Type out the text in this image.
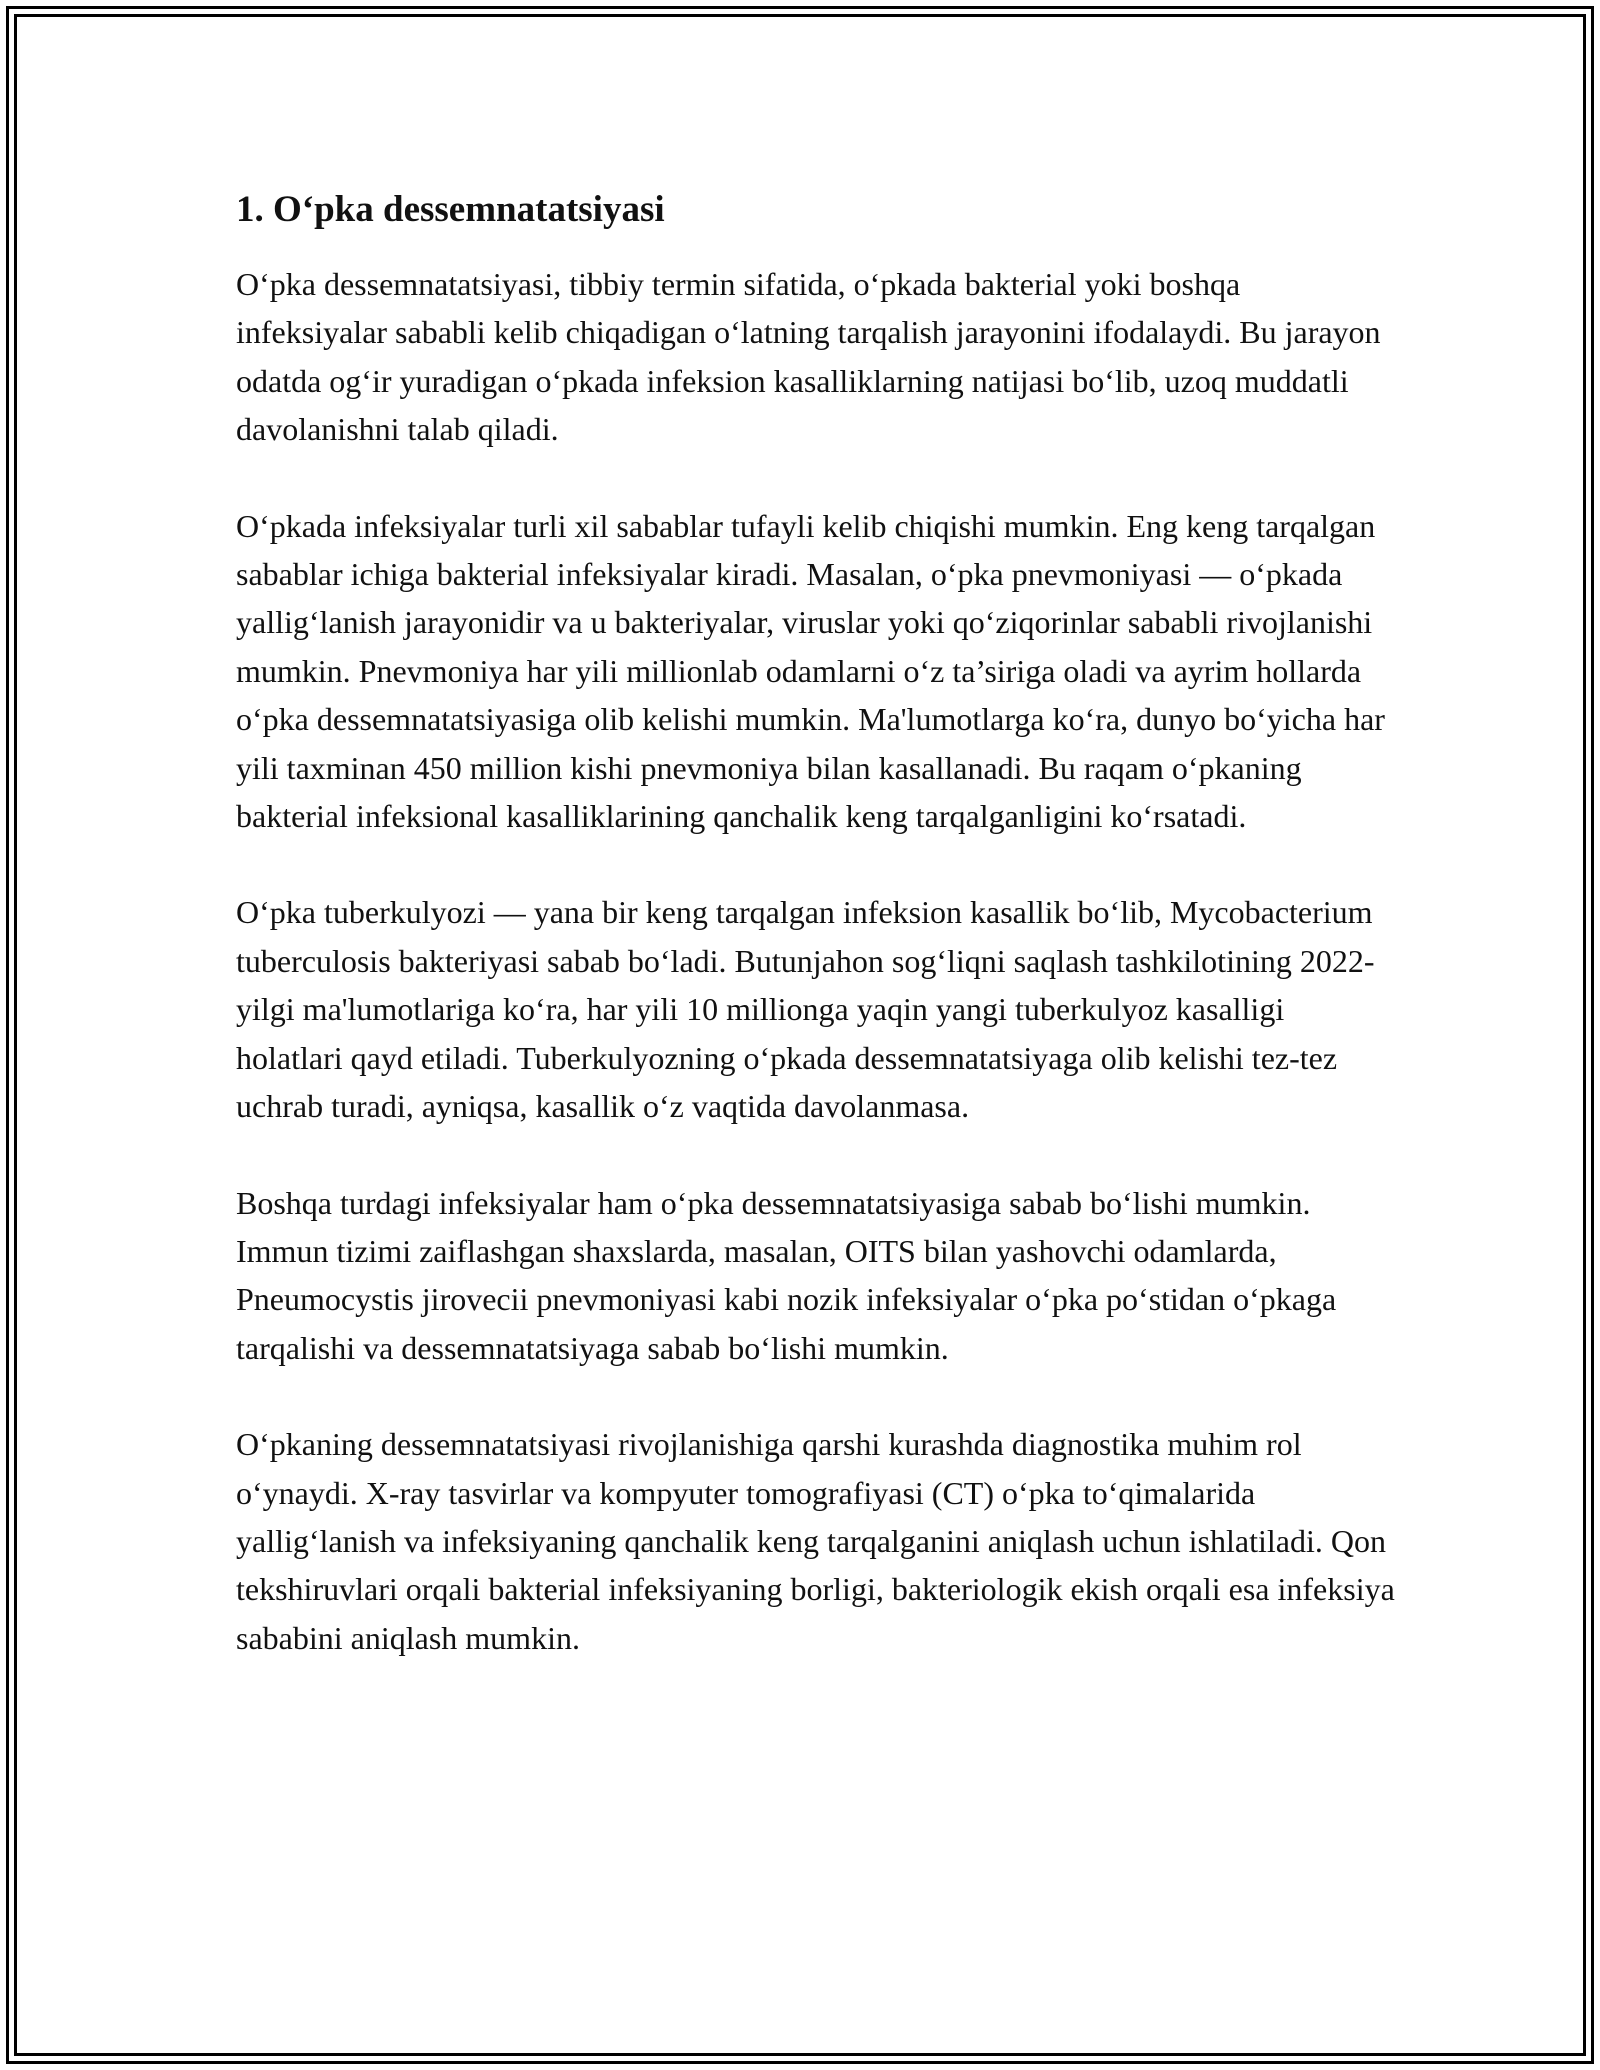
1. O‘pka dessemnatatsiyasi

O‘pka dessemnatatsiyasi, tibbiy termin sifatida, o‘pkada bakterial yoki boshqa infeksiyalar sababli kelib chiqadigan o‘latning tarqalish jarayonini ifodalaydi. Bu jarayon odatda og‘ir yuradigan o‘pkada infeksion kasalliklarning natijasi bo‘lib, uzoq muddatli davolanishni talab qiladi.

O‘pkada infeksiyalar turli xil sabablar tufayli kelib chiqishi mumkin. Eng keng tarqalgan sabablar ichiga bakterial infeksiyalar kiradi. Masalan, o‘pka pnevmoniyasi — o‘pkada yallig‘lanish jarayonidir va u bakteriyalar, viruslar yoki qo‘ziqorinlar sababli rivojlanishi mumkin. Pnevmoniya har yili millionlab odamlarni o‘z ta’siriga oladi va ayrim hollarda o‘pka dessemnatatsiyasiga olib kelishi mumkin. Ma'lumotlarga ko‘ra, dunyo bo‘yicha har yili taxminan 450 million kishi pnevmoniya bilan kasallanadi. Bu raqam o‘pkaning bakterial infeksional kasalliklarining qanchalik keng tarqalganligini ko‘rsatadi.

O‘pka tuberkulyozi — yana bir keng tarqalgan infeksion kasallik bo‘lib, Mycobacterium tuberculosis bakteriyasi sabab bo‘ladi. Butunjahon sog‘liqni saqlash tashkilotining 2022-yilgi ma'lumotlariga ko‘ra, har yili 10 millionga yaqin yangi tuberkulyoz kasalligi holatlari qayd etiladi. Tuberkulyozning o‘pkada dessemnatatsiyaga olib kelishi tez-tez uchrab turadi, ayniqsa, kasallik o‘z vaqtida davolanmasa.

Boshqa turdagi infeksiyalar ham o‘pka dessemnatatsiyasiga sabab bo‘lishi mumkin. Immun tizimi zaiflashgan shaxslarda, masalan, OITS bilan yashovchi odamlarda, Pneumocystis jirovecii pnevmoniyasi kabi nozik infeksiyalar o‘pka po‘stidan o‘pkaga tarqalishi va dessemnatatsiyaga sabab bo‘lishi mumkin.

O‘pkaning dessemnatatsiyasi rivojlanishiga qarshi kurashda diagnostika muhim rol o‘ynaydi. X-ray tasvirlar va kompyuter tomografiyasi (CT) o‘pka to‘qimalarida yallig‘lanish va infeksiyaning qanchalik keng tarqalganini aniqlash uchun ishlatiladi. Qon tekshiruvlari orqali bakterial infeksiyaning borligi, bakteriologik ekish orqali esa infeksiya sababini aniqlash mumkin.
